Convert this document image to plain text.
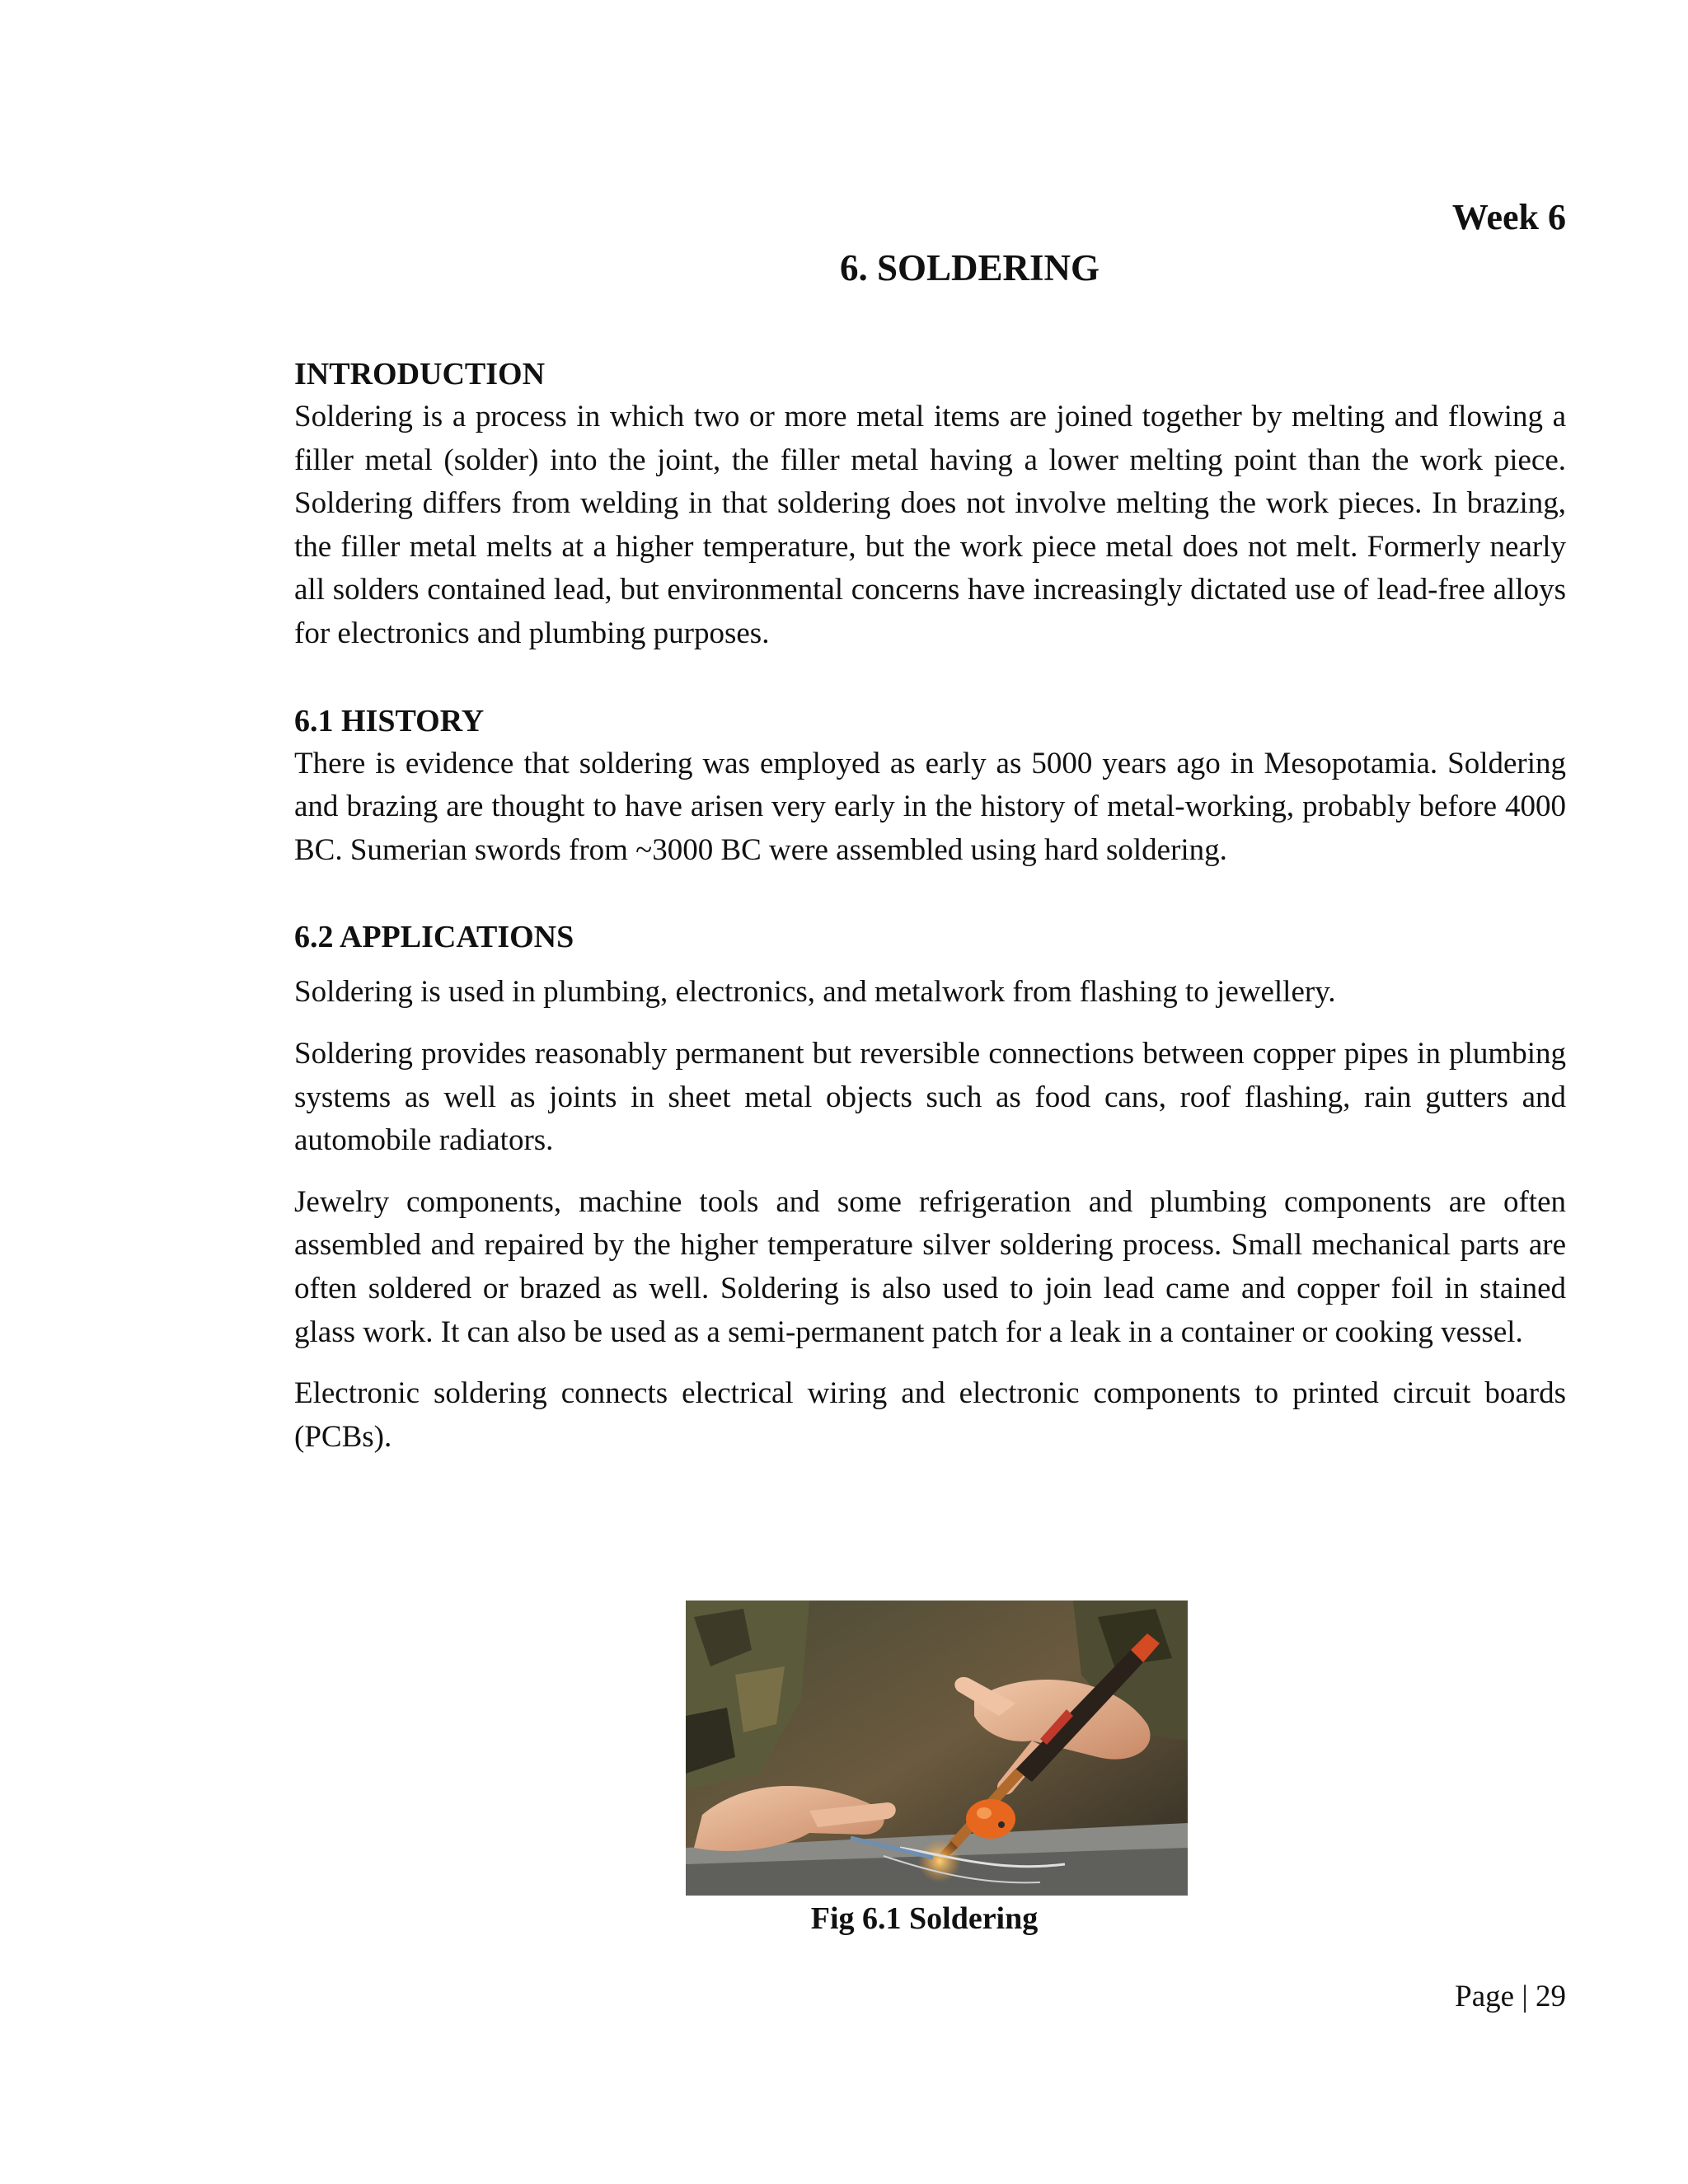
Week 6
6. SOLDERING
INTRODUCTION

Soldering is a process in which two or more metal items are joined together by melting and flowing a filler metal (solder) into the joint, the filler metal having a lower melting point than the work piece. Soldering differs from welding in that soldering does not involve melting the work pieces. In brazing, the filler metal melts at a higher temperature, but the work piece metal does not melt. Formerly nearly all solders contained lead, but environmental concerns have increasingly dictated use of lead-free alloys for electronics and plumbing purposes.

6.1 HISTORY

There is evidence that soldering was employed as early as 5000 years ago in Mesopotamia. Soldering and brazing are thought to have arisen very early in the history of metal-working, probably before 4000 BC. Sumerian swords from ~3000 BC were assembled using hard soldering.

6.2 APPLICATIONS

Soldering is used in plumbing, electronics, and metalwork from flashing to jewellery.

Soldering provides reasonably permanent but reversible connections between copper pipes in plumbing systems as well as joints in sheet metal objects such as food cans, roof flashing, rain gutters and automobile radiators.

Jewelry components, machine tools and some refrigeration and plumbing components are often assembled and repaired by the higher temperature silver soldering process. Small mechanical parts are often soldered or brazed as well. Soldering is also used to join lead came and copper foil in stained glass work. It can also be used as a semi-permanent patch for a leak in a container or cooking vessel.

Electronic soldering connects electrical wiring and electronic components to printed circuit boards (PCBs).

Fig 6.1 Soldering
Page | 29
